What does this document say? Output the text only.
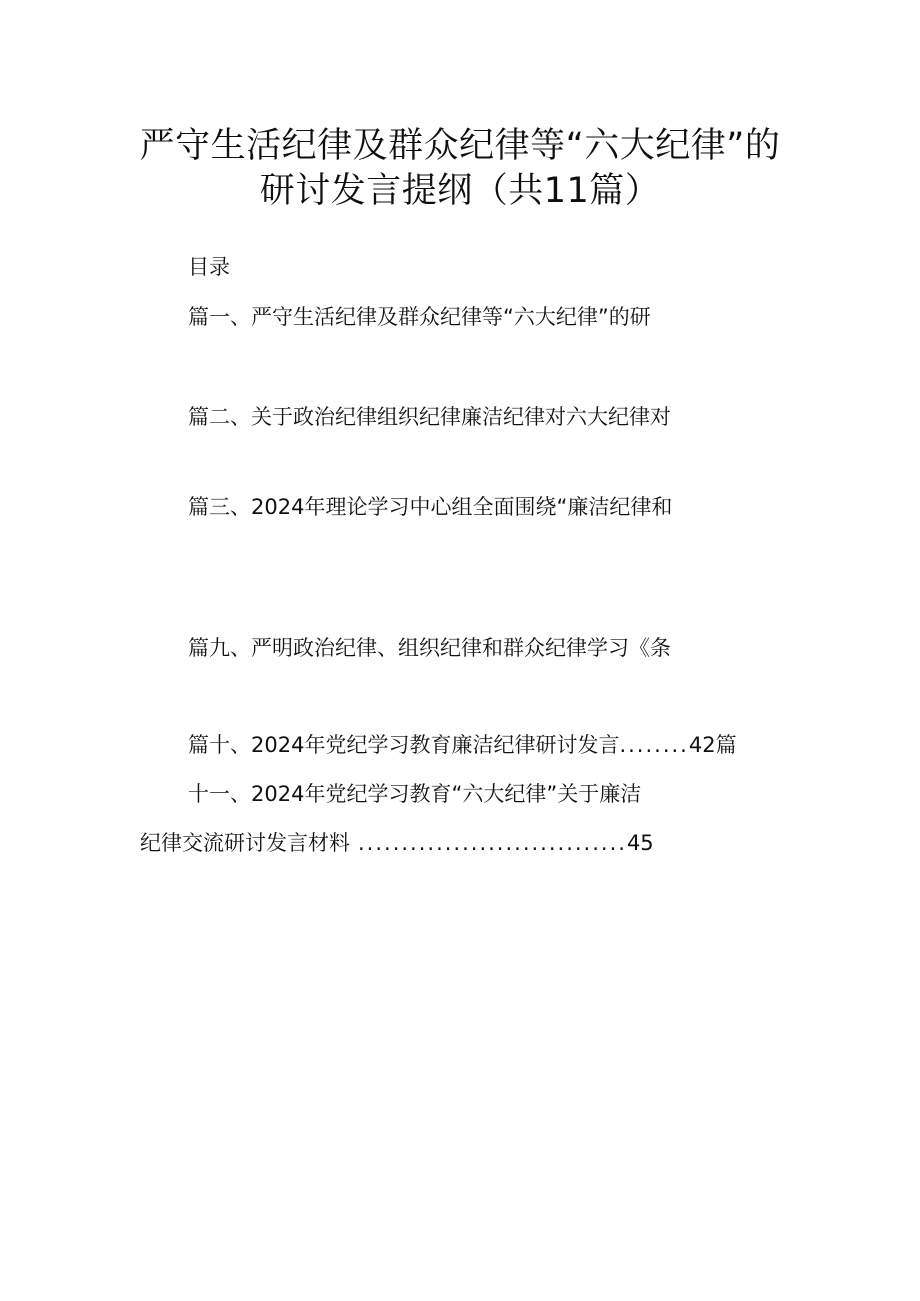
严守生活纪律及群众纪律等“六大纪律”的
研讨发言提纲（共11篇）
目录
篇一、严守生活纪律及群众纪律等“六大纪律”的研
篇二、关于政治纪律组织纪律廉洁纪律对六大纪律对
篇三、2024年理论学习中心组全面围绕“廉洁纪律和
篇九、严明政治纪律、组织纪律和群众纪律学习《条
篇十、2024年党纪学习教育廉洁纪律研讨发言........42篇
十一、2024年党纪学习教育“六大纪律”关于廉洁
纪律交流研讨发言材料 ...............................45
